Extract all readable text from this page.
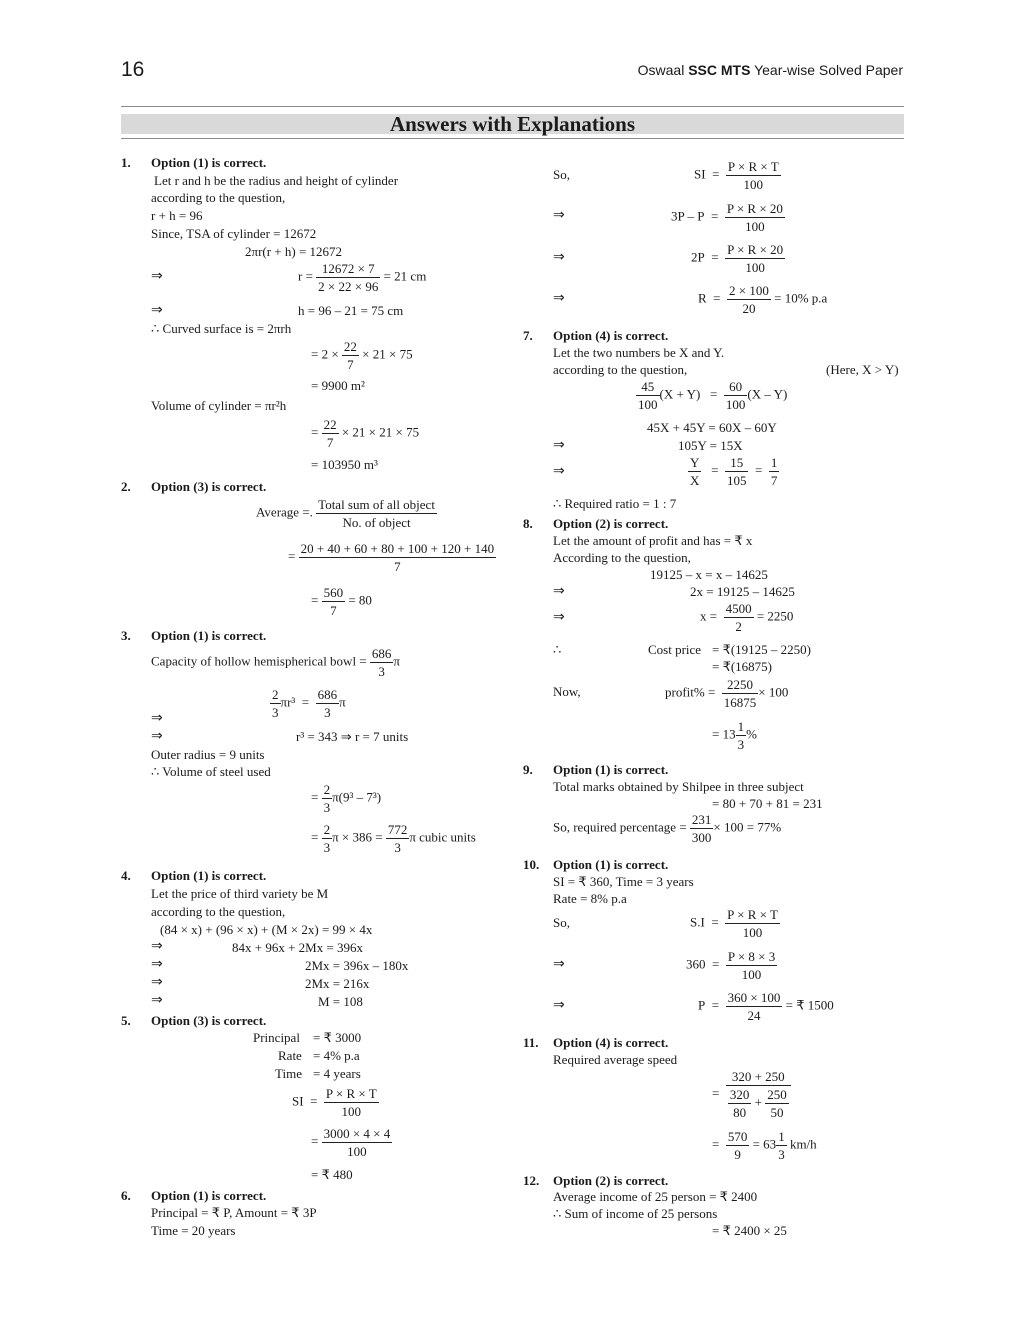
16	Oswaal SSC MTS Year-wise Solved Paper
Answers with Explanations
1. Option (1) is correct.
Let r and h be the radius and height of cylinder
according to the question,
r + h = 96
Since, TSA of cylinder = 12672
2πr(r + h) = 12672
⇒	$r = \frac{12672 \times 7}{2 \times 22 \times 96} = 21$ cm
⇒	h = 96 – 21 = 75 cm
∴ Curved surface is = 2πrh
= $2 \times \frac{22}{7} \times 21 \times 75$
= 9900 m²
Volume of cylinder = πr²h
= $\frac{22}{7} \times 21 \times 21 \times 75$
= 103950 m³
2. Option (3) is correct.
Average =. $\frac{\text{Total sum of all object}}{\text{No. of object}}$
= $\frac{20 + 40 + 60 + 80 + 100 + 120 + 140}{7}$
= $\frac{560}{7} = 80$
3. Option (1) is correct.
Capacity of hollow hemispherical bowl = $\frac{686}{3}$ π
⇒	$\frac{2}{3} \pi r^3 = \frac{686}{3}$ π
⇒	r³ = 343 ⇒ r = 7 units
Outer radius = 9 units
∴ Volume of steel used
= $\frac{2}{3} \pi(9^3 - 7^3)$
= $\frac{2}{3}$ $\pi \times 386 = \frac{772}{3}$ π cubic units
4. Option (1) is correct.
Let the price of third variety be M
according to the question,
(84 × x) + (96 × x) + (M × 2x) = 99 × 4x
⇒	84x + 96x + 2Mx = 396x
⇒	2Mx = 396x – 180x
⇒	2Mx = 216x
⇒	M = 108
5. Option (3) is correct.
Principal = ₹ 3000
Rate = 4% p.a
Time = 4 years
SI  = $\frac{P \times R \times T}{100}$
= $\frac{3000 \times 4 \times 4}{100}$
= ₹ 480
6. Option (1) is correct.
Principal = ₹ P, Amount = ₹ 3P
Time = 20 years
So,	SI  = $\frac{P \times R \times T}{100}$
⇒	$3P - P = \frac{P \times R \times 20}{100}$
⇒	$2P = \frac{P \times R \times 20}{100}$
⇒	$R = \frac{2 \times 100}{20} = 10\%$ p.a
7. Option (4) is correct.
Let the two numbers be X and Y.
according to the question,	(Here, X > Y)
$\frac{45}{100} (X + Y) = \frac{60}{100} (X - Y)$
45X + 45Y = 60X – 60Y
⇒	105Y = 15X
⇒	$\frac{Y}{X} = \frac{15}{105} = \frac{1}{7}$
∴ Required ratio = 1 : 7
8. Option (2) is correct.
Let the amount of profit and has = ₹ x
According to the question,
19125 – x = x – 14625
⇒	2x = 19125 – 14625
⇒	$x = \frac{4500}{2} = 2250$
∴	Cost price = ₹(19125 – 2250)
= ₹(16875)
Now,	profit% = $\frac{2250}{16875} \times 100$
= $13 \frac{1}{3}$ %
9. Option (1) is correct.
Total marks obtained by Shilpee in three subject
= 80 + 70 + 81 = 231
So, required percentage = $\frac{231}{300} \times 100 = 77\%$
10. Option (1) is correct.
SI = ₹ 360, Time = 3 years
Rate = 8% p.a
So,	$S.I = \frac{P \times R \times T}{100}$
⇒	$360 = \frac{P \times 8 \times 3}{100}$
⇒	$P = \frac{360 \times 100}{24}$ = ₹ 1500
11. Option (4) is correct.
Required average speed
= $\frac{320 + 250}{\frac{320}{80} + \frac{250}{50}}$
= $\frac{570}{9} = 63 \frac{1}{3} km/h$
12. Option (2) is correct.
Average income of 25 person = ₹ 2400
∴ Sum of income of 25 persons
= ₹ 2400 × 25
